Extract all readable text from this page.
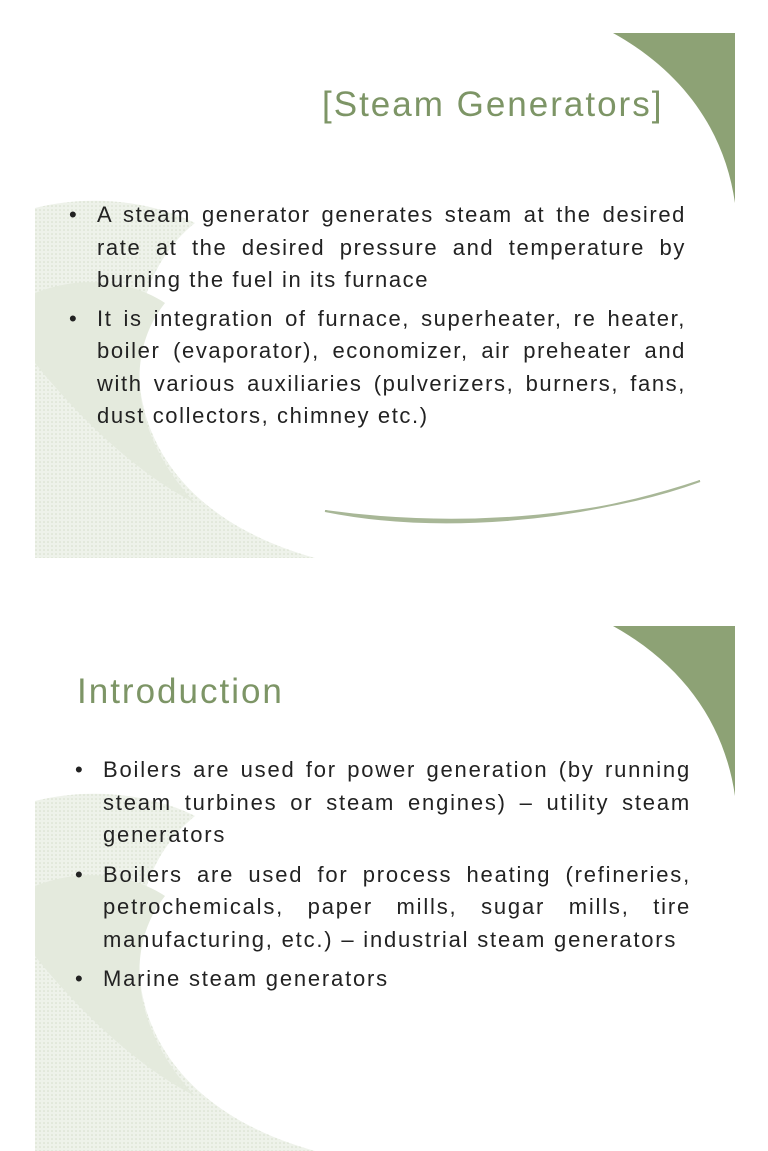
[Steam Generators]
• A steam generator generates steam at the desired rate at the desired pressure and temperature by burning the fuel in its furnace
• It is integration of furnace, superheater, re heater, boiler (evaporator), economizer, air preheater and with various auxiliaries (pulverizers, burners, fans, dust collectors, chimney etc.)
Introduction
• Boilers are used for power generation (by running steam turbines or steam engines) – utility steam generators
• Boilers are used for process heating (refineries, petrochemicals, paper mills, sugar mills, tire manufacturing, etc.) – industrial steam generators
• Marine steam generators
